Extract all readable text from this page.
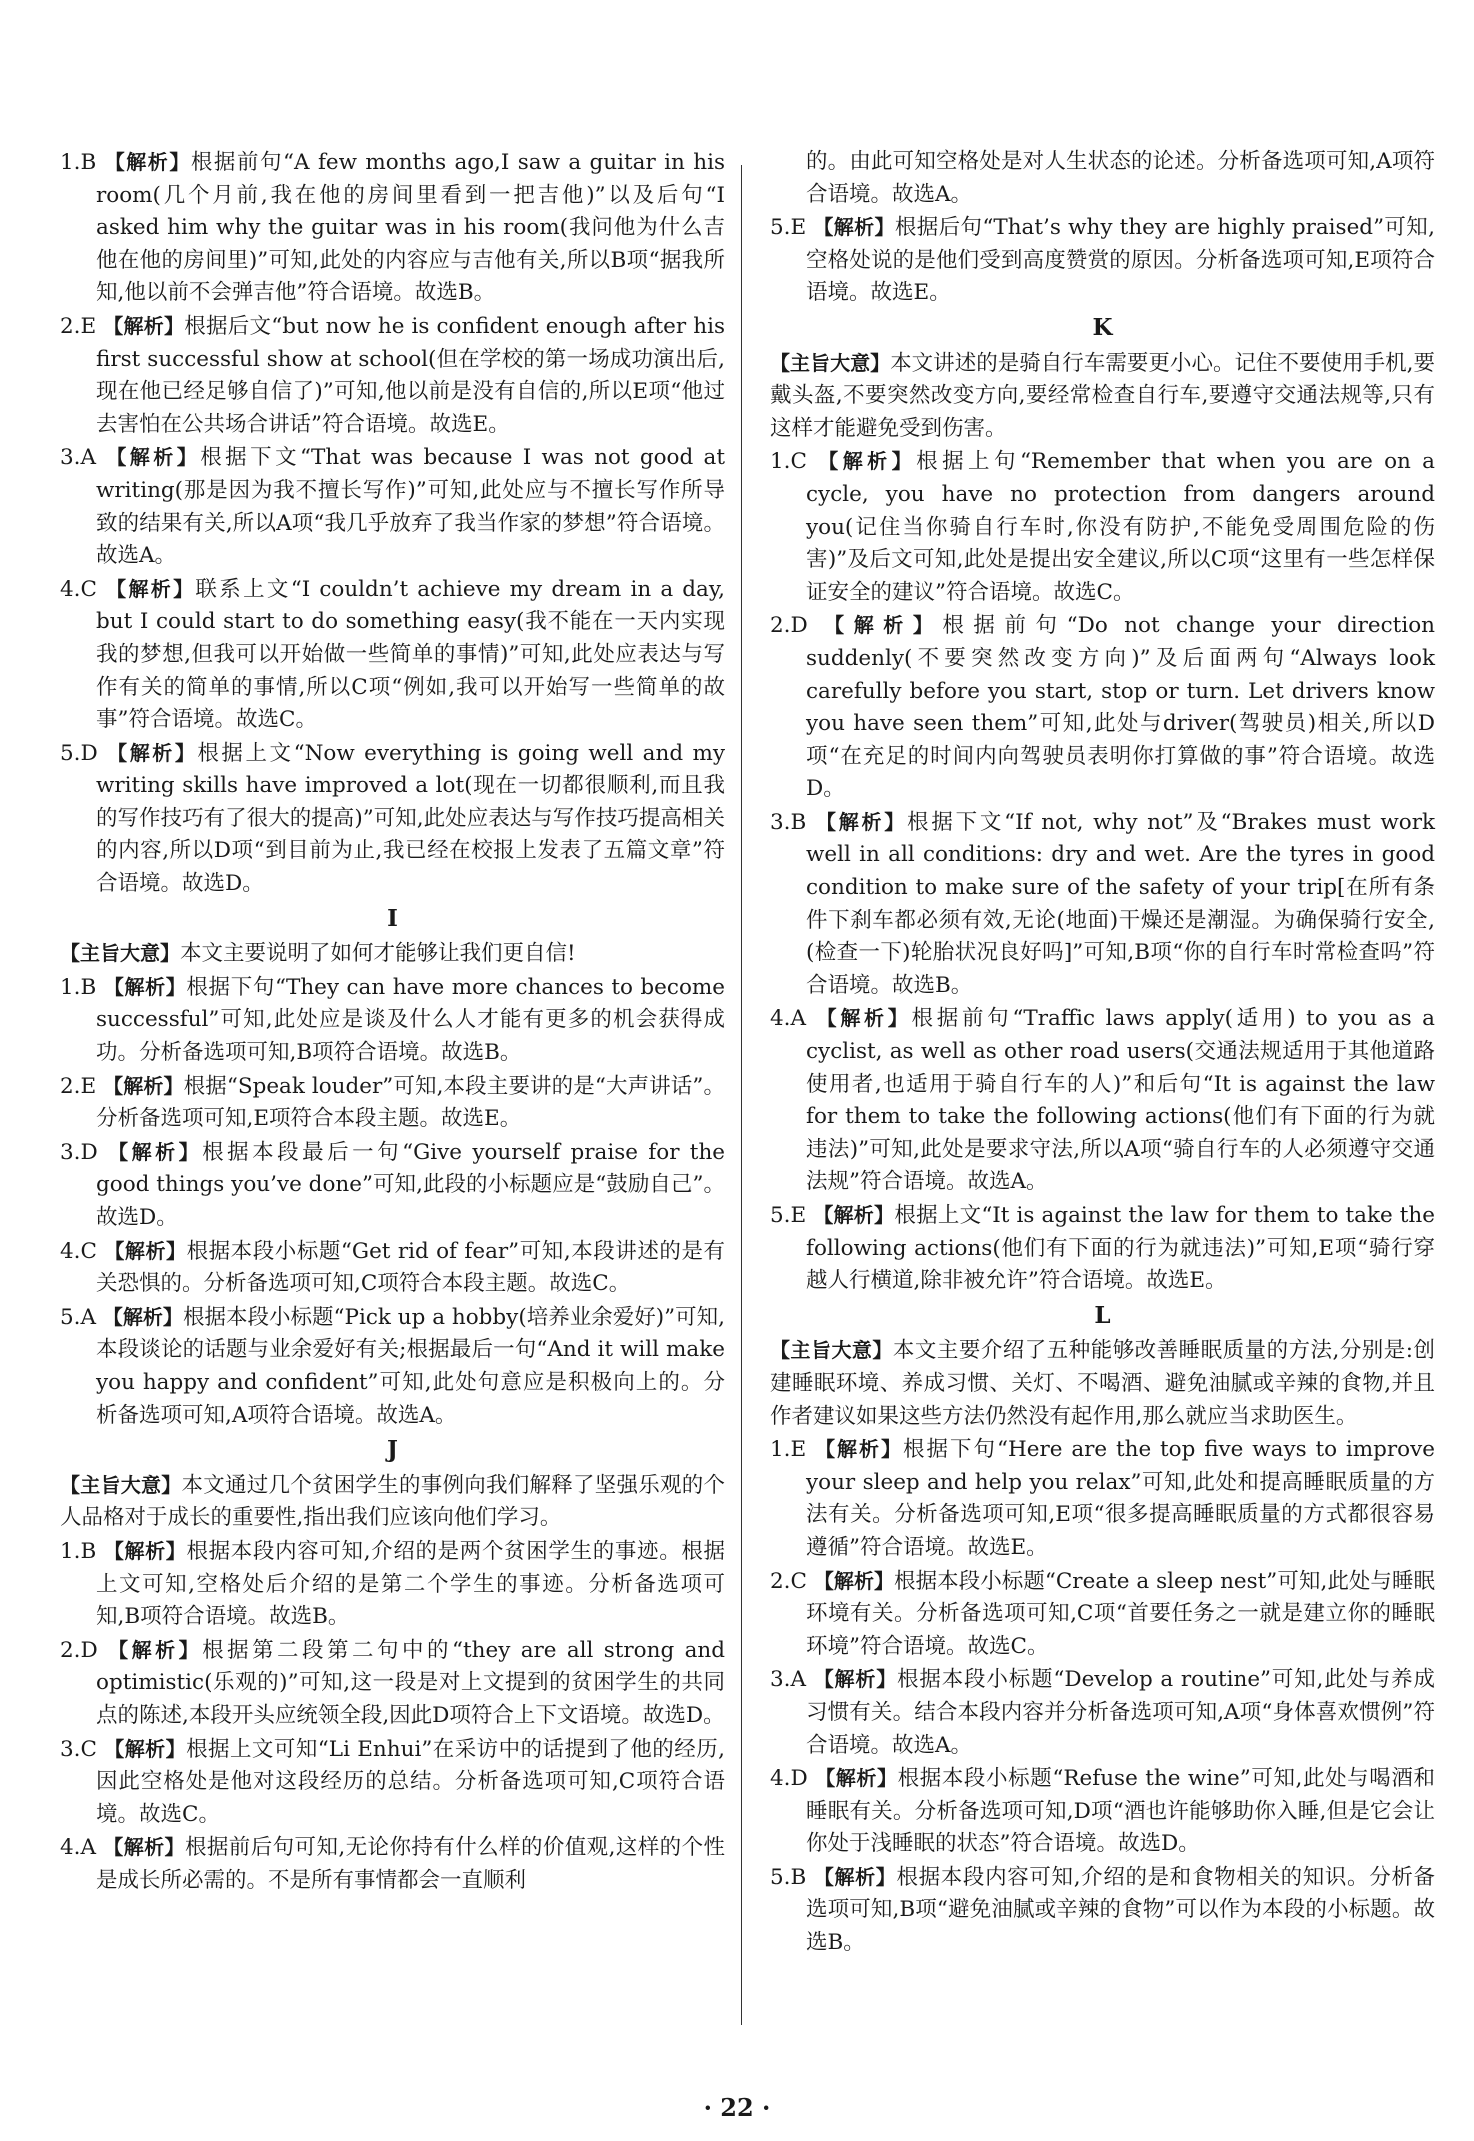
1.B 【解析】根据前句“A few months ago,I saw a guitar in his room(几个月前,我在他的房间里看到一把吉他)”以及后句“I asked him why the guitar was in his room(我问他为什么吉他在他的房间里)”可知,此处的内容应与吉他有关,所以B项“据我所知,他以前不会弹吉他”符合语境。故选B。
2.E 【解析】根据后文“but now he is confident enough after his first successful show at school(但在学校的第一场成功演出后,现在他已经足够自信了)”可知,他以前是没有自信的,所以E项“他过去害怕在公共场合讲话”符合语境。故选E。
3.A 【解析】根据下文“That was because I was not good at writing(那是因为我不擅长写作)”可知,此处应与不擅长写作所导致的结果有关,所以A项“我几乎放弃了我当作家的梦想”符合语境。故选A。
4.C 【解析】联系上文“I couldn’t achieve my dream in a day, but I could start to do something easy(我不能在一天内实现我的梦想,但我可以开始做一些简单的事情)”可知,此处应表达与写作有关的简单的事情,所以C项“例如,我可以开始写一些简单的故事”符合语境。故选C。
5.D 【解析】根据上文“Now everything is going well and my writing skills have improved a lot(现在一切都很顺利,而且我的写作技巧有了很大的提高)”可知,此处应表达与写作技巧提高相关的内容,所以D项“到目前为止,我已经在校报上发表了五篇文章”符合语境。故选D。
I
【主旨大意】本文主要说明了如何才能够让我们更自信!
1.B 【解析】根据下句“They can have more chances to become successful”可知,此处应是谈及什么人才能有更多的机会获得成功。分析备选项可知,B项符合语境。故选B。
2.E 【解析】根据“Speak louder”可知,本段主要讲的是“大声讲话”。分析备选项可知,E项符合本段主题。故选E。
3.D 【解析】根据本段最后一句“Give yourself praise for the good things you’ve done”可知,此段的小标题应是“鼓励自己”。故选D。
4.C 【解析】根据本段小标题“Get rid of fear”可知,本段讲述的是有关恐惧的。分析备选项可知,C项符合本段主题。故选C。
5.A 【解析】根据本段小标题“Pick up a hobby(培养业余爱好)”可知,本段谈论的话题与业余爱好有关;根据最后一句“And it will make you happy and confident”可知,此处句意应是积极向上的。分析备选项可知,A项符合语境。故选A。
J
【主旨大意】本文通过几个贫困学生的事例向我们解释了坚强乐观的个人品格对于成长的重要性,指出我们应该向他们学习。
1.B 【解析】根据本段内容可知,介绍的是两个贫困学生的事迹。根据上文可知,空格处后介绍的是第二个学生的事迹。分析备选项可知,B项符合语境。故选B。
2.D 【解析】根据第二段第二句中的“they are all strong and optimistic(乐观的)”可知,这一段是对上文提到的贫困学生的共同点的陈述,本段开头应统领全段,因此D项符合上下文语境。故选D。
3.C 【解析】根据上文可知“Li Enhui”在采访中的话提到了他的经历,因此空格处是他对这段经历的总结。分析备选项可知,C项符合语境。故选C。
4.A 【解析】根据前后句可知,无论你持有什么样的价值观,这样的个性是成长所必需的。不是所有事情都会一直顺利
的。由此可知空格处是对人生状态的论述。分析备选项可知,A项符合语境。故选A。
5.E 【解析】根据后句“That’s why they are highly praised”可知,空格处说的是他们受到高度赞赏的原因。分析备选项可知,E项符合语境。故选E。
K
【主旨大意】本文讲述的是骑自行车需要更小心。记住不要使用手机,要戴头盔,不要突然改变方向,要经常检查自行车,要遵守交通法规等,只有这样才能避免受到伤害。
1.C 【解析】根据上句“Remember that when you are on a cycle, you have no protection from dangers around you(记住当你骑自行车时,你没有防护,不能免受周围危险的伤害)”及后文可知,此处是提出安全建议,所以C项“这里有一些怎样保证安全的建议”符合语境。故选C。
2.D 【解析】根据前句“Do not change your direction suddenly(不要突然改变方向)”及后面两句“Always look carefully before you start, stop or turn. Let drivers know you have seen them”可知,此处与driver(驾驶员)相关,所以D项“在充足的时间内向驾驶员表明你打算做的事”符合语境。故选D。
3.B 【解析】根据下文“If not, why not”及“Brakes must work well in all conditions: dry and wet. Are the tyres in good condition to make sure of the safety of your trip[在所有条件下刹车都必须有效,无论(地面)干燥还是潮湿。为确保骑行安全,(检查一下)轮胎状况良好吗]”可知,B项“你的自行车时常检查吗”符合语境。故选B。
4.A 【解析】根据前句“Traffic laws apply(适用) to you as a cyclist, as well as other road users(交通法规适用于其他道路使用者,也适用于骑自行车的人)”和后句“It is against the law for them to take the following actions(他们有下面的行为就违法)”可知,此处是要求守法,所以A项“骑自行车的人必须遵守交通法规”符合语境。故选A。
5.E 【解析】根据上文“It is against the law for them to take the following actions(他们有下面的行为就违法)”可知,E项“骑行穿越人行横道,除非被允许”符合语境。故选E。
L
【主旨大意】本文主要介绍了五种能够改善睡眠质量的方法,分别是:创建睡眠环境、养成习惯、关灯、不喝酒、避免油腻或辛辣的食物,并且作者建议如果这些方法仍然没有起作用,那么就应当求助医生。
1.E 【解析】根据下句“Here are the top five ways to improve your sleep and help you relax”可知,此处和提高睡眠质量的方法有关。分析备选项可知,E项“很多提高睡眠质量的方式都很容易遵循”符合语境。故选E。
2.C 【解析】根据本段小标题“Create a sleep nest”可知,此处与睡眠环境有关。分析备选项可知,C项“首要任务之一就是建立你的睡眠环境”符合语境。故选C。
3.A 【解析】根据本段小标题“Develop a routine”可知,此处与养成习惯有关。结合本段内容并分析备选项可知,A项“身体喜欢惯例”符合语境。故选A。
4.D 【解析】根据本段小标题“Refuse the wine”可知,此处与喝酒和睡眠有关。分析备选项可知,D项“酒也许能够助你入睡,但是它会让你处于浅睡眠的状态”符合语境。故选D。
5.B 【解析】根据本段内容可知,介绍的是和食物相关的知识。分析备选项可知,B项“避免油腻或辛辣的食物”可以作为本段的小标题。故选B。
· 22 ·
